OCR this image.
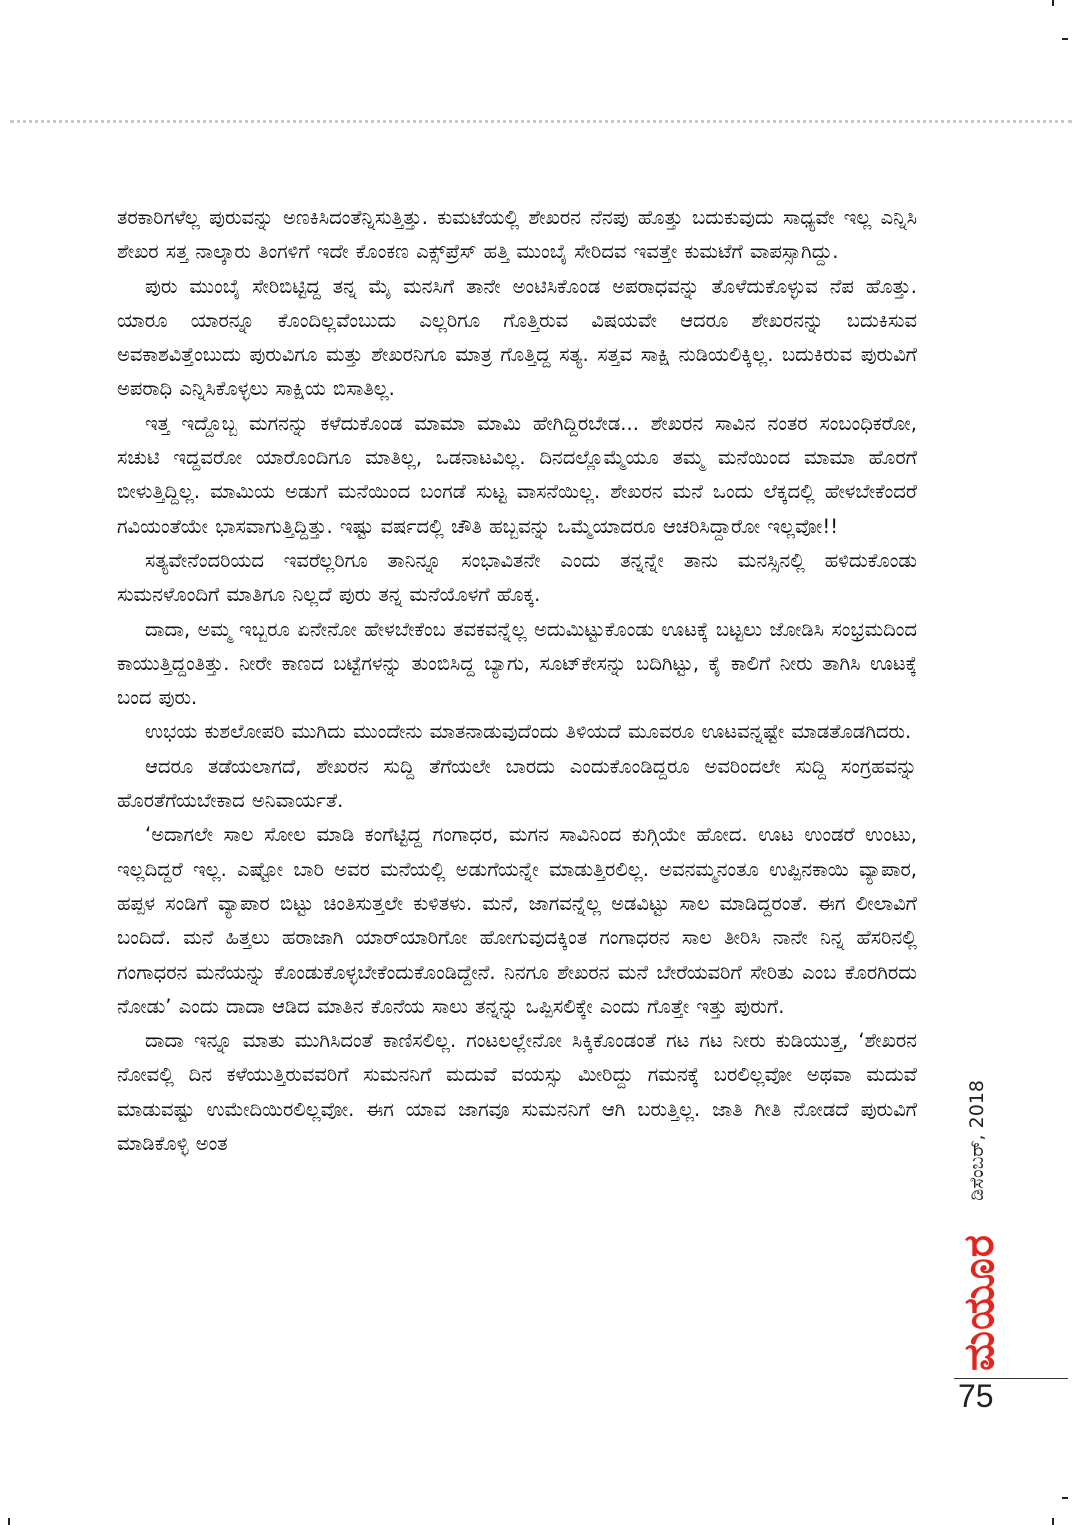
ತರಕಾರಿಗಳೆಲ್ಲ ಪುರುವನ್ನು ಅಣಕಿಸಿದಂತೆನ್ನಿಸುತ್ತಿತ್ತು. ಕುಮಟೆಯಲ್ಲಿ ಶೇಖರನ ನೆನಪು ಹೊತ್ತು ಬದುಕುವುದು ಸಾಧ್ಯವೇ ಇಲ್ಲ ಎನ್ನಿಸಿ ಶೇಖರ ಸತ್ತ ನಾಲ್ಕಾರು ತಿಂಗಳಿಗೆ ಇದೇ ಕೊಂಕಣ ಎಕ್ಸ್‌ಪ್ರೆಸ್ ಹತ್ತಿ ಮುಂಬೈ ಸೇರಿದವ ಇವತ್ತೇ ಕುಮಟೆಗೆ ವಾಪಸ್ಸಾಗಿದ್ದು.

ಪುರು ಮುಂಬೈ ಸೇರಿಬಿಟ್ಟಿದ್ದ ತನ್ನ ಮೈ ಮನಸಿಗೆ ತಾನೇ ಅಂಟಿಸಿಕೊಂಡ ಅಪರಾಧವನ್ನು ತೊಳೆದುಕೊಳ್ಳುವ ನೆಪ ಹೊತ್ತು. ಯಾರೂ ಯಾರನ್ನೂ ಕೊಂದಿಲ್ಲವೆಂಬುದು ಎಲ್ಲರಿಗೂ ಗೊತ್ತಿರುವ ವಿಷಯವೇ ಆದರೂ ಶೇಖರನನ್ನು ಬದುಕಿಸುವ ಅವಕಾಶವಿತ್ತೆಂಬುದು ಪುರುವಿಗೂ ಮತ್ತು ಶೇಖರನಿಗೂ ಮಾತ್ರ ಗೊತ್ತಿದ್ದ ಸತ್ಯ. ಸತ್ತವ ಸಾಕ್ಷಿ ನುಡಿಯಲಿಕ್ಕಿಲ್ಲ. ಬದುಕಿರುವ ಪುರುವಿಗೆ ಅಪರಾಧಿ ಎನ್ನಿಸಿಕೊಳ್ಳಲು ಸಾಕ್ಷಿಯ ಬಿಸಾತಿಲ್ಲ.

ಇತ್ತ ಇದ್ದೊಬ್ಬ ಮಗನನ್ನು ಕಳೆದುಕೊಂಡ ಮಾಮಾ ಮಾಮಿ ಹೇಗಿದ್ದಿರಬೇಡ... ಶೇಖರನ ಸಾವಿನ ನಂತರ ಸಂಬಂಧಿಕರೋ, ಸಚುಟಿ ಇದ್ದವರೋ ಯಾರೊಂದಿಗೂ ಮಾತಿಲ್ಲ, ಒಡನಾಟವಿಲ್ಲ. ದಿನದಲ್ಲೊಮ್ಮೆಯೂ ತಮ್ಮ ಮನೆಯಿಂದ ಮಾಮಾ ಹೊರಗೆ ಬೀಳುತ್ತಿದ್ದಿಲ್ಲ. ಮಾಮಿಯ ಅಡುಗೆ ಮನೆಯಿಂದ ಬಂಗಡೆ ಸುಟ್ಟ ವಾಸನೆಯಿಲ್ಲ. ಶೇಖರನ ಮನೆ ಒಂದು ಲೆಕ್ಕದಲ್ಲಿ ಹೇಳಬೇಕೆಂದರೆ ಗವಿಯಂತೆಯೇ ಭಾಸವಾಗುತ್ತಿದ್ದಿತ್ತು. ಇಷ್ಟು ವರ್ಷದಲ್ಲಿ ಚೌತಿ ಹಬ್ಬವನ್ನು ಒಮ್ಮೆಯಾದರೂ ಆಚರಿಸಿದ್ದಾರೋ ಇಲ್ಲವೋ!!

ಸತ್ಯವೇನೆಂದರಿಯದ ಇವರೆಲ್ಲರಿಗೂ ತಾನಿನ್ನೂ ಸಂಭಾವಿತನೇ ಎಂದು ತನ್ನನ್ನೇ ತಾನು ಮನಸ್ಸಿನಲ್ಲಿ ಹಳಿದುಕೊಂಡು ಸುಮನಳೊಂದಿಗೆ ಮಾತಿಗೂ ನಿಲ್ಲದೆ ಪುರು ತನ್ನ ಮನೆಯೊಳಗೆ ಹೊಕ್ಕ.

ದಾದಾ, ಅಮ್ಮ ಇಬ್ಬರೂ ಏನೇನೋ ಹೇಳಬೇಕೆಂಬ ತವಕವನ್ನೆಲ್ಲ ಅದುಮಿಟ್ಟುಕೊಂಡು ಊಟಕ್ಕೆ ಬಟ್ಟಲು ಜೋಡಿಸಿ ಸಂಭ್ರಮದಿಂದ ಕಾಯುತ್ತಿದ್ದಂತಿತ್ತು. ನೀರೇ ಕಾಣದ ಬಟ್ಟೆಗಳನ್ನು ತುಂಬಿಸಿದ್ದ ಬ್ಯಾಗು, ಸೂಟ್‌ಕೇಸನ್ನು ಬದಿಗಿಟ್ಟು, ಕೈ ಕಾಲಿಗೆ ನೀರು ತಾಗಿಸಿ ಊಟಕ್ಕೆ ಬಂದ ಪುರು.

ಉಭಯ ಕುಶಲೋಪರಿ ಮುಗಿದು ಮುಂದೇನು ಮಾತನಾಡುವುದೆಂದು ತಿಳಿಯದೆ ಮೂವರೂ ಊಟವನ್ನಷ್ಟೇ ಮಾಡತೊಡಗಿದರು.

ಆದರೂ ತಡೆಯಲಾಗದೆ, ಶೇಖರನ ಸುದ್ದಿ ತೆಗೆಯಲೇ ಬಾರದು ಎಂದುಕೊಂಡಿದ್ದರೂ ಅವರಿಂದಲೇ ಸುದ್ದಿ ಸಂಗ್ರಹವನ್ನು ಹೊರತೆಗೆಯಬೇಕಾದ ಅನಿವಾರ್ಯತೆ.

‘ಅದಾಗಲೇ ಸಾಲ ಸೋಲ ಮಾಡಿ ಕಂಗೆಟ್ಟಿದ್ದ ಗಂಗಾಧರ, ಮಗನ ಸಾವಿನಿಂದ ಕುಗ್ಗಿಯೇ ಹೋದ. ಊಟ ಉಂಡರೆ ಉಂಟು, ಇಲ್ಲದಿದ್ದರೆ ಇಲ್ಲ. ಎಷ್ಟೋ ಬಾರಿ ಅವರ ಮನೆಯಲ್ಲಿ ಅಡುಗೆಯನ್ನೇ ಮಾಡುತ್ತಿರಲಿಲ್ಲ. ಅವನಮ್ಮನಂತೂ ಉಪ್ಪಿನಕಾಯಿ ವ್ಯಾಪಾರ, ಹಪ್ಪಳ ಸಂಡಿಗೆ ವ್ಯಾಪಾರ ಬಿಟ್ಟು ಚಿಂತಿಸುತ್ತಲೇ ಕುಳಿತಳು. ಮನೆ, ಜಾಗವನ್ನೆಲ್ಲ ಅಡವಿಟ್ಟು ಸಾಲ ಮಾಡಿದ್ದರಂತೆ. ಈಗ ಲೀಲಾವಿಗೆ ಬಂದಿದೆ. ಮನೆ ಹಿತ್ತಲು ಹರಾಜಾಗಿ ಯಾರ್‌ಯಾರಿಗೋ ಹೋಗುವುದಕ್ಕಿಂತ ಗಂಗಾಧರನ ಸಾಲ ತೀರಿಸಿ ನಾನೇ ನಿನ್ನ ಹೆಸರಿನಲ್ಲಿ ಗಂಗಾಧರನ ಮನೆಯನ್ನು ಕೊಂಡುಕೊಳ್ಳಬೇಕೆಂದುಕೊಂಡಿದ್ದೇನೆ. ನಿನಗೂ ಶೇಖರನ ಮನೆ ಬೇರೆಯವರಿಗೆ ಸೇರಿತು ಎಂಬ ಕೊರಗಿರದು ನೋಡು’ ಎಂದು ದಾದಾ ಆಡಿದ ಮಾತಿನ ಕೊನೆಯ ಸಾಲು ತನ್ನನ್ನು ಒಪ್ಪಿಸಲಿಕ್ಕೇ ಎಂದು ಗೊತ್ತೇ ಇತ್ತು ಪುರುಗೆ.

ದಾದಾ ಇನ್ನೂ ಮಾತು ಮುಗಿಸಿದಂತೆ ಕಾಣಿಸಲಿಲ್ಲ. ಗಂಟಲಲ್ಲೇನೋ ಸಿಕ್ಕಿಕೊಂಡಂತೆ ಗಟ ಗಟ ನೀರು ಕುಡಿಯುತ್ತ, ‘ಶೇಖರನ ನೋವಲ್ಲಿ ದಿನ ಕಳೆಯುತ್ತಿರುವವರಿಗೆ ಸುಮನನಿಗೆ ಮದುವೆ ವಯಸ್ಸು ಮೀರಿದ್ದು ಗಮನಕ್ಕೆ ಬರಲಿಲ್ಲವೋ ಅಥವಾ ಮದುವೆ ಮಾಡುವಷ್ಟು ಉಮೇದಿಯಿರಲಿಲ್ಲವೋ. ಈಗ ಯಾವ ಜಾಗವೂ ಸುಮನನಿಗೆ ಆಗಿ ಬರುತ್ತಿಲ್ಲ. ಜಾತಿ ಗೀತಿ ನೋಡದೆ ಪುರುವಿಗೆ ಮಾಡಿಕೊಳ್ಳಿ ಅಂತ	ಡಿಸೆಂಬರ್, 2018
ಮಯೂರ
75
